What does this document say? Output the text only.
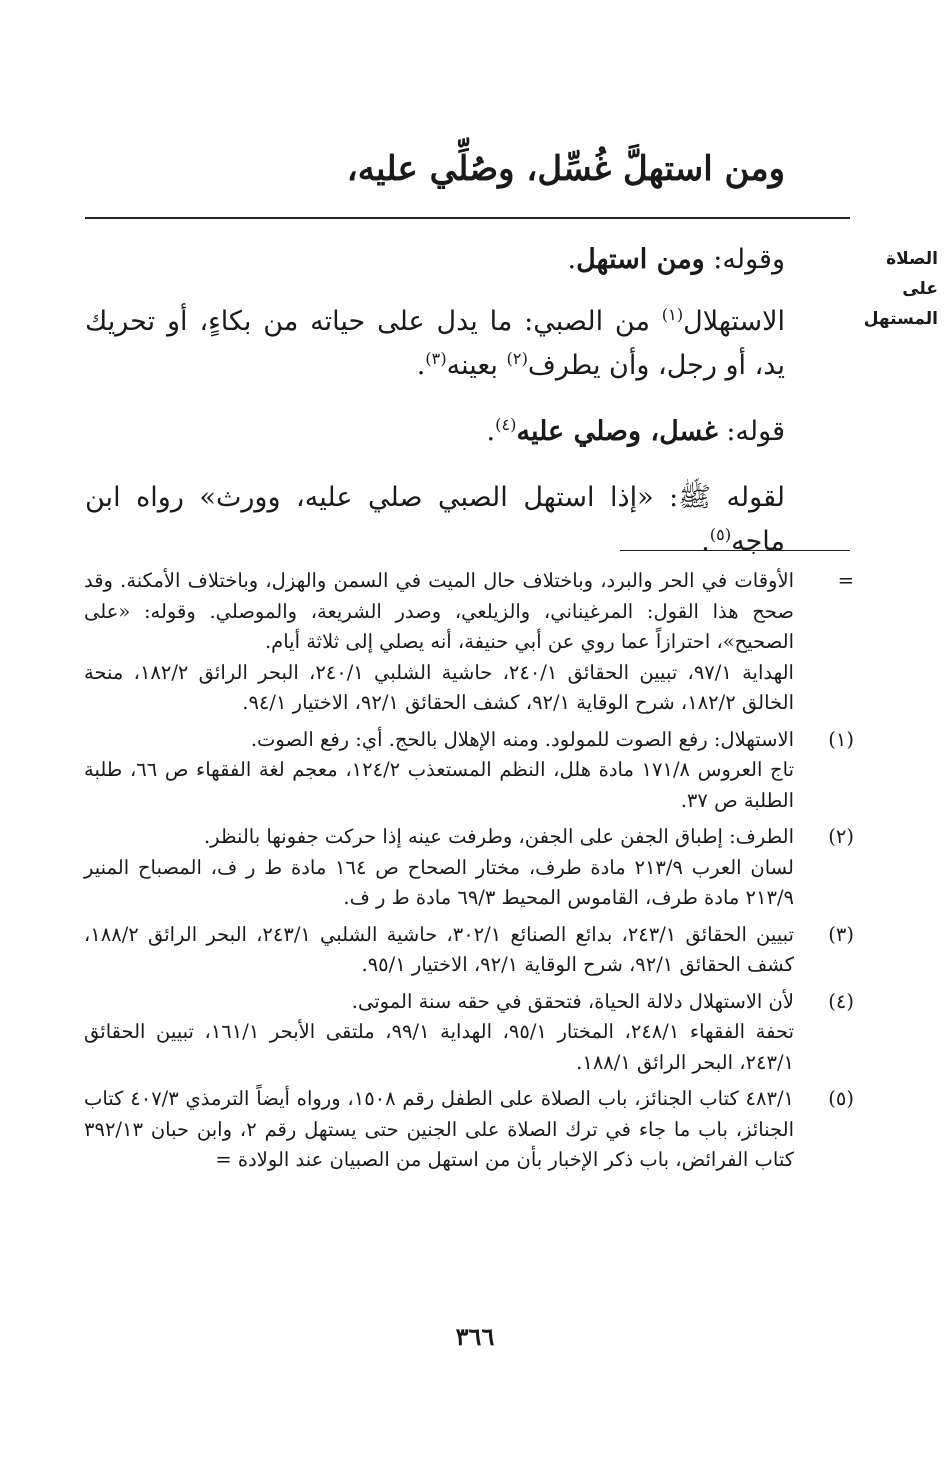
ومن استهلَّ غُسِّل، وصُلِّي عليه،
الصلاة
على
المستهل

وقوله: ومن استهل.

الاستهلال$^{(١)}$ من الصبي: ما يدل على حياته من بكاءٍ، أو تحريك يد، أو رجل، وأن يطرف$^{(٢)}$ بعينه$^{(٣)}$.

قوله: غسل، وصلي عليه$^{(٤)}$.

لقوله ﷺ: «إذا استهل الصبي صلي عليه، وورث» رواه ابن ماجه$^{(٥)}$.

=

الأوقات في الحر والبرد، وباختلاف حال الميت في السمن والهزل، وباختلاف الأمكنة. وقد صحح هذا القول: المرغيناني، والزيلعي، وصدر الشريعة، والموصلي. وقوله: «على الصحيح»، احترازاً عما روي عن أبي حنيفة، أنه يصلي إلى ثلاثة أيام.

الهداية ٩٧/١، تبيين الحقائق ٢٤٠/١، حاشية الشلبي ٢٤٠/١، البحر الرائق ١٨٢/٢، منحة الخالق ١٨٢/٢، شرح الوقاية ٩٢/١، كشف الحقائق ٩٢/١، الاختيار ٩٤/١.

(١)

الاستهلال: رفع الصوت للمولود. ومنه الإهلال بالحج. أي: رفع الصوت.

تاج العروس ١٧١/٨ مادة هلل، النظم المستعذب ١٢٤/٢، معجم لغة الفقهاء ص ٦٦، طلبة الطلبة ص ٣٧.

(٢)

الطرف: إطباق الجفن على الجفن، وطرفت عينه إذا حركت جفونها بالنظر.

لسان العرب ٢١٣/٩ مادة طرف، مختار الصحاح ص ١٦٤ مادة ط ر ف، المصباح المنير ٢١٣/٩ مادة طرف، القاموس المحيط ٦٩/٣ مادة ط ر ف.

(٣)

تبيين الحقائق ٢٤٣/١، بدائع الصنائع ٣٠٢/١، حاشية الشلبي ٢٤٣/١، البحر الرائق ١٨٨/٢، كشف الحقائق ٩٢/١، شرح الوقاية ٩٢/١، الاختيار ٩٥/١.

(٤)

لأن الاستهلال دلالة الحياة، فتحقق في حقه سنة الموتى.

تحفة الفقهاء ٢٤٨/١، المختار ٩٥/١، الهداية ٩٩/١، ملتقى الأبحر ١٦١/١، تبيين الحقائق ٢٤٣/١، البحر الرائق ١٨٨/١.

(٥)

٤٨٣/١ كتاب الجنائز، باب الصلاة على الطفل رقم ١٥٠٨، ورواه أيضاً الترمذي ٤٠٧/٣ كتاب الجنائز، باب ما جاء في ترك الصلاة على الجنين حتى يستهل رقم ٢، وابن حبان ٣٩٢/١٣ كتاب الفرائض، باب ذكر الإخبار بأن من استهل من الصبيان عند الولادة =

٣٦٦
